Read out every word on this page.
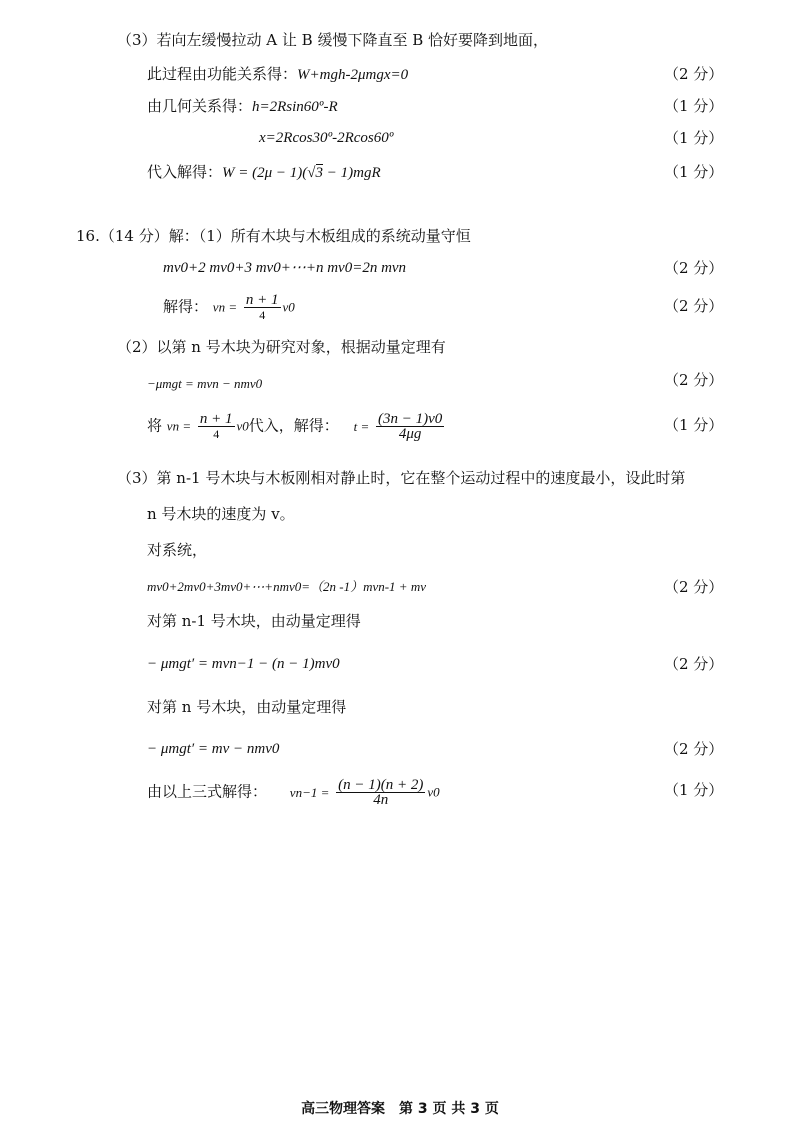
（3）若向左缓慢拉动 A 让 B 缓慢下降直至 B 恰好要降到地面，
此过程由功能关系得：W+mgh-2μmgx=0	（2 分）
由几何关系得：h=2Rsin60º-R	（1 分）
x=2Rcos30º-2Rcos60º	（1 分）
代入解得：W = (2μ − 1)(√3 − 1)mgR	（1 分）
16.（14 分）解：（1）所有木块与木板组成的系统动量守恒
mv0+2 mv0+3 mv0+⋯+n mv0=2n mvn	（2 分）
解得： vn = $\frac{n + 1}{4} v0$	（2 分）
（2）以第 n 号木块为研究对象，根据动量定理有
−μmgt = mvn − nmv0	（2 分）
将 vn = $\frac{n + 1}{4} v0$代入，解得： $t = \frac{(3n - 1)v0}{4\mu g}$	（1 分）
（3）第 n-1 号木块与木板刚相对静止时，它在整个运动过程中的速度最小，设此时第
n 号木块的速度为 v。
对系统，
mv0+2mv0+3mv0+⋯+nmv0=（2n -1）mvn-1 + mv	（2 分）
对第 n-1 号木块，由动量定理得
− μmgt′ = mvn−1 − (n − 1)mv0	（2 分）
对第 n 号木块，由动量定理得
− μmgt′ = mv − nmv0	（2 分）
由以上三式解得： $vn-1 = \frac{(n - 1)(n + 2)}{4n} v0$	（1 分）
高三物理答案　第 3 页 共 3 页
